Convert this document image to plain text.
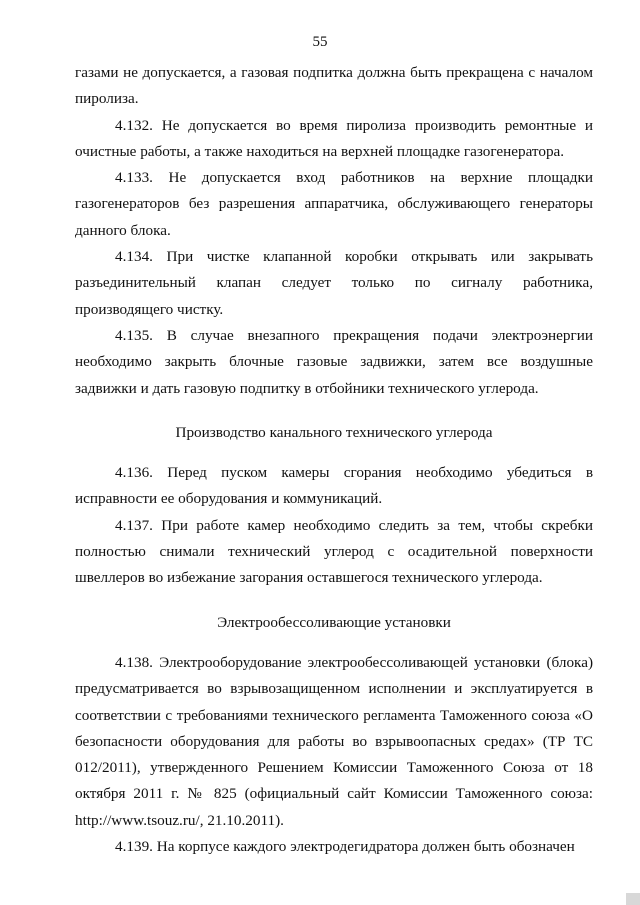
55

газами не допускается, а газовая подпитка должна быть прекращена с началом пиролиза.

4.132. Не допускается во время пиролиза производить ремонтные и очистные работы, а также находиться на верхней площадке газогенератора.

4.133. Не допускается вход работников на верхние площадки газогенераторов без разрешения аппаратчика, обслуживающего генераторы данного блока.

4.134. При чистке клапанной коробки открывать или закрывать разъединительный клапан следует только по сигналу работника, производящего чистку.

4.135. В случае внезапного прекращения подачи электроэнергии необходимо закрыть блочные газовые задвижки, затем все воздушные задвижки и дать газовую подпитку в отбойники технического углерода.

Производство канального технического углерода

4.136. Перед пуском камеры сгорания необходимо убедиться в исправности ее оборудования и коммуникаций.

4.137. При работе камер необходимо следить за тем, чтобы скребки полностью снимали технический углерод с осадительной поверхности швеллеров во избежание загорания оставшегося технического углерода.

Электрообессоливающие установки

4.138. Электрооборудование электрообессоливающей установки (блока) предусматривается во взрывозащищенном исполнении и эксплуатируется в соответствии с требованиями технического регламента Таможенного союза «О безопасности оборудования для работы во взрывоопасных средах» (ТР ТС 012/2011), утвержденного Решением Комиссии Таможенного Союза от 18 октября 2011 г. № 825 (официальный сайт Комиссии Таможенного союза: http://www.tsouz.ru/, 21.10.2011).

4.139. На корпусе каждого электродегидратора должен быть обозначен
